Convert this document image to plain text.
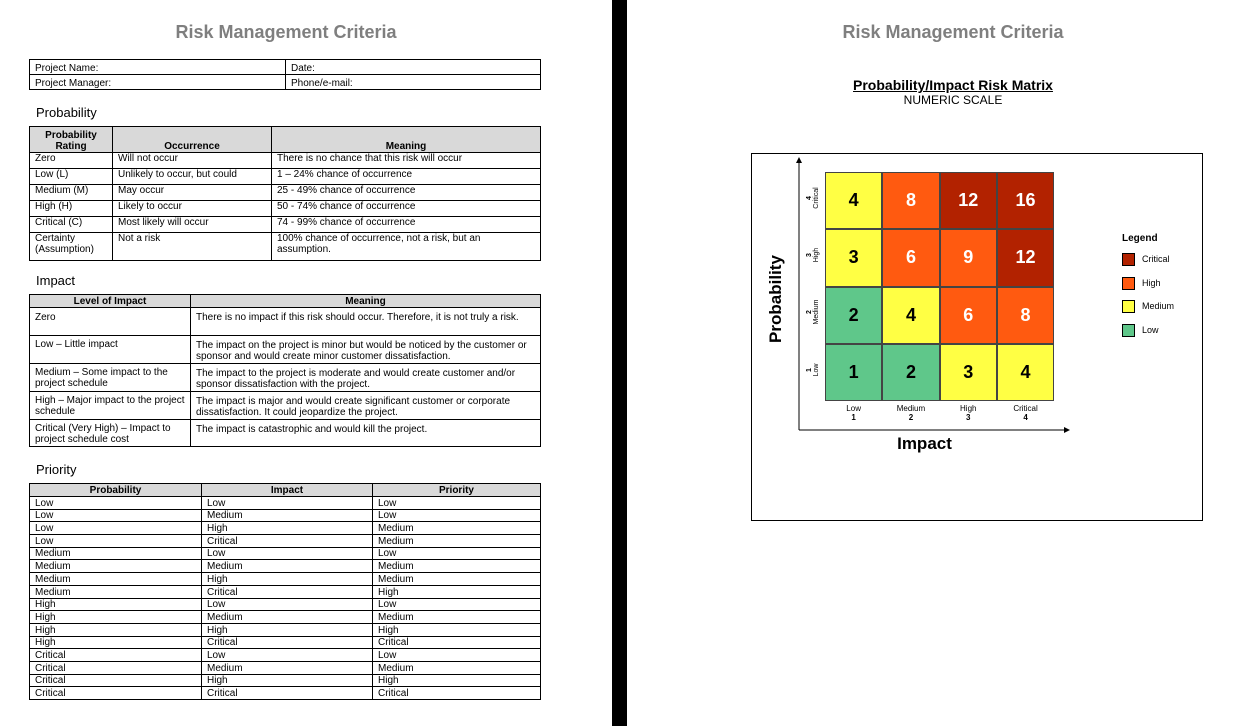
Risk Management Criteria
Project Name:	Date:
Project Manager:	Phone/e-mail:
Probability
Probability Rating	Occurrence	Meaning
Zero	Will not occur	There is no chance that this risk will occur
Low (L)	Unlikely to occur, but could	1 – 24% chance of occurrence
Medium (M)	May occur	25 - 49% chance of occurrence
High (H)	Likely to occur	50 - 74% chance of occurrence
Critical (C)	Most likely will occur	74 - 99% chance of occurrence
Certainty (Assumption)	Not a risk	100% chance of occurrence, not a risk, but an assumption.
Impact
Level of Impact	Meaning
Zero	There is no impact if this risk should occur. Therefore, it is not truly a risk.
Low – Little impact	The impact on the project is minor but would be noticed by the customer or sponsor and would create minor customer dissatisfaction.
Medium – Some impact to the project schedule	The impact to the project is moderate and would create customer and/or sponsor dissatisfaction with the project.
High – Major impact to the project schedule	The impact is major and would create significant customer or corporate dissatisfaction. It could jeopardize the project.
Critical (Very High) – Impact to project schedule cost	The impact is catastrophic and would kill the project.
Priority
Probability	Impact	Priority
Low	Low	Low
Low	Medium	Low
Low	High	Medium
Low	Critical	Medium
Medium	Low	Low
Medium	Medium	Medium
Medium	High	Medium
Medium	Critical	High
High	Low	Low
High	Medium	Medium
High	High	High
High	Critical	Critical
Critical	Low	Low
Critical	Medium	Medium
Critical	High	High
Critical	Critical	Critical
Risk Management Criteria
Probability/Impact Risk Matrix
NUMERIC SCALE
Probability
Impact
4	8	12	16
3	6	9	12
2	4	6	8
1	2	3	4
4 Critical
3 High
2 Medium
1 Low
Low
1
Medium
2
High
3
Critical
4
Legend
Critical
High
Medium
Low
